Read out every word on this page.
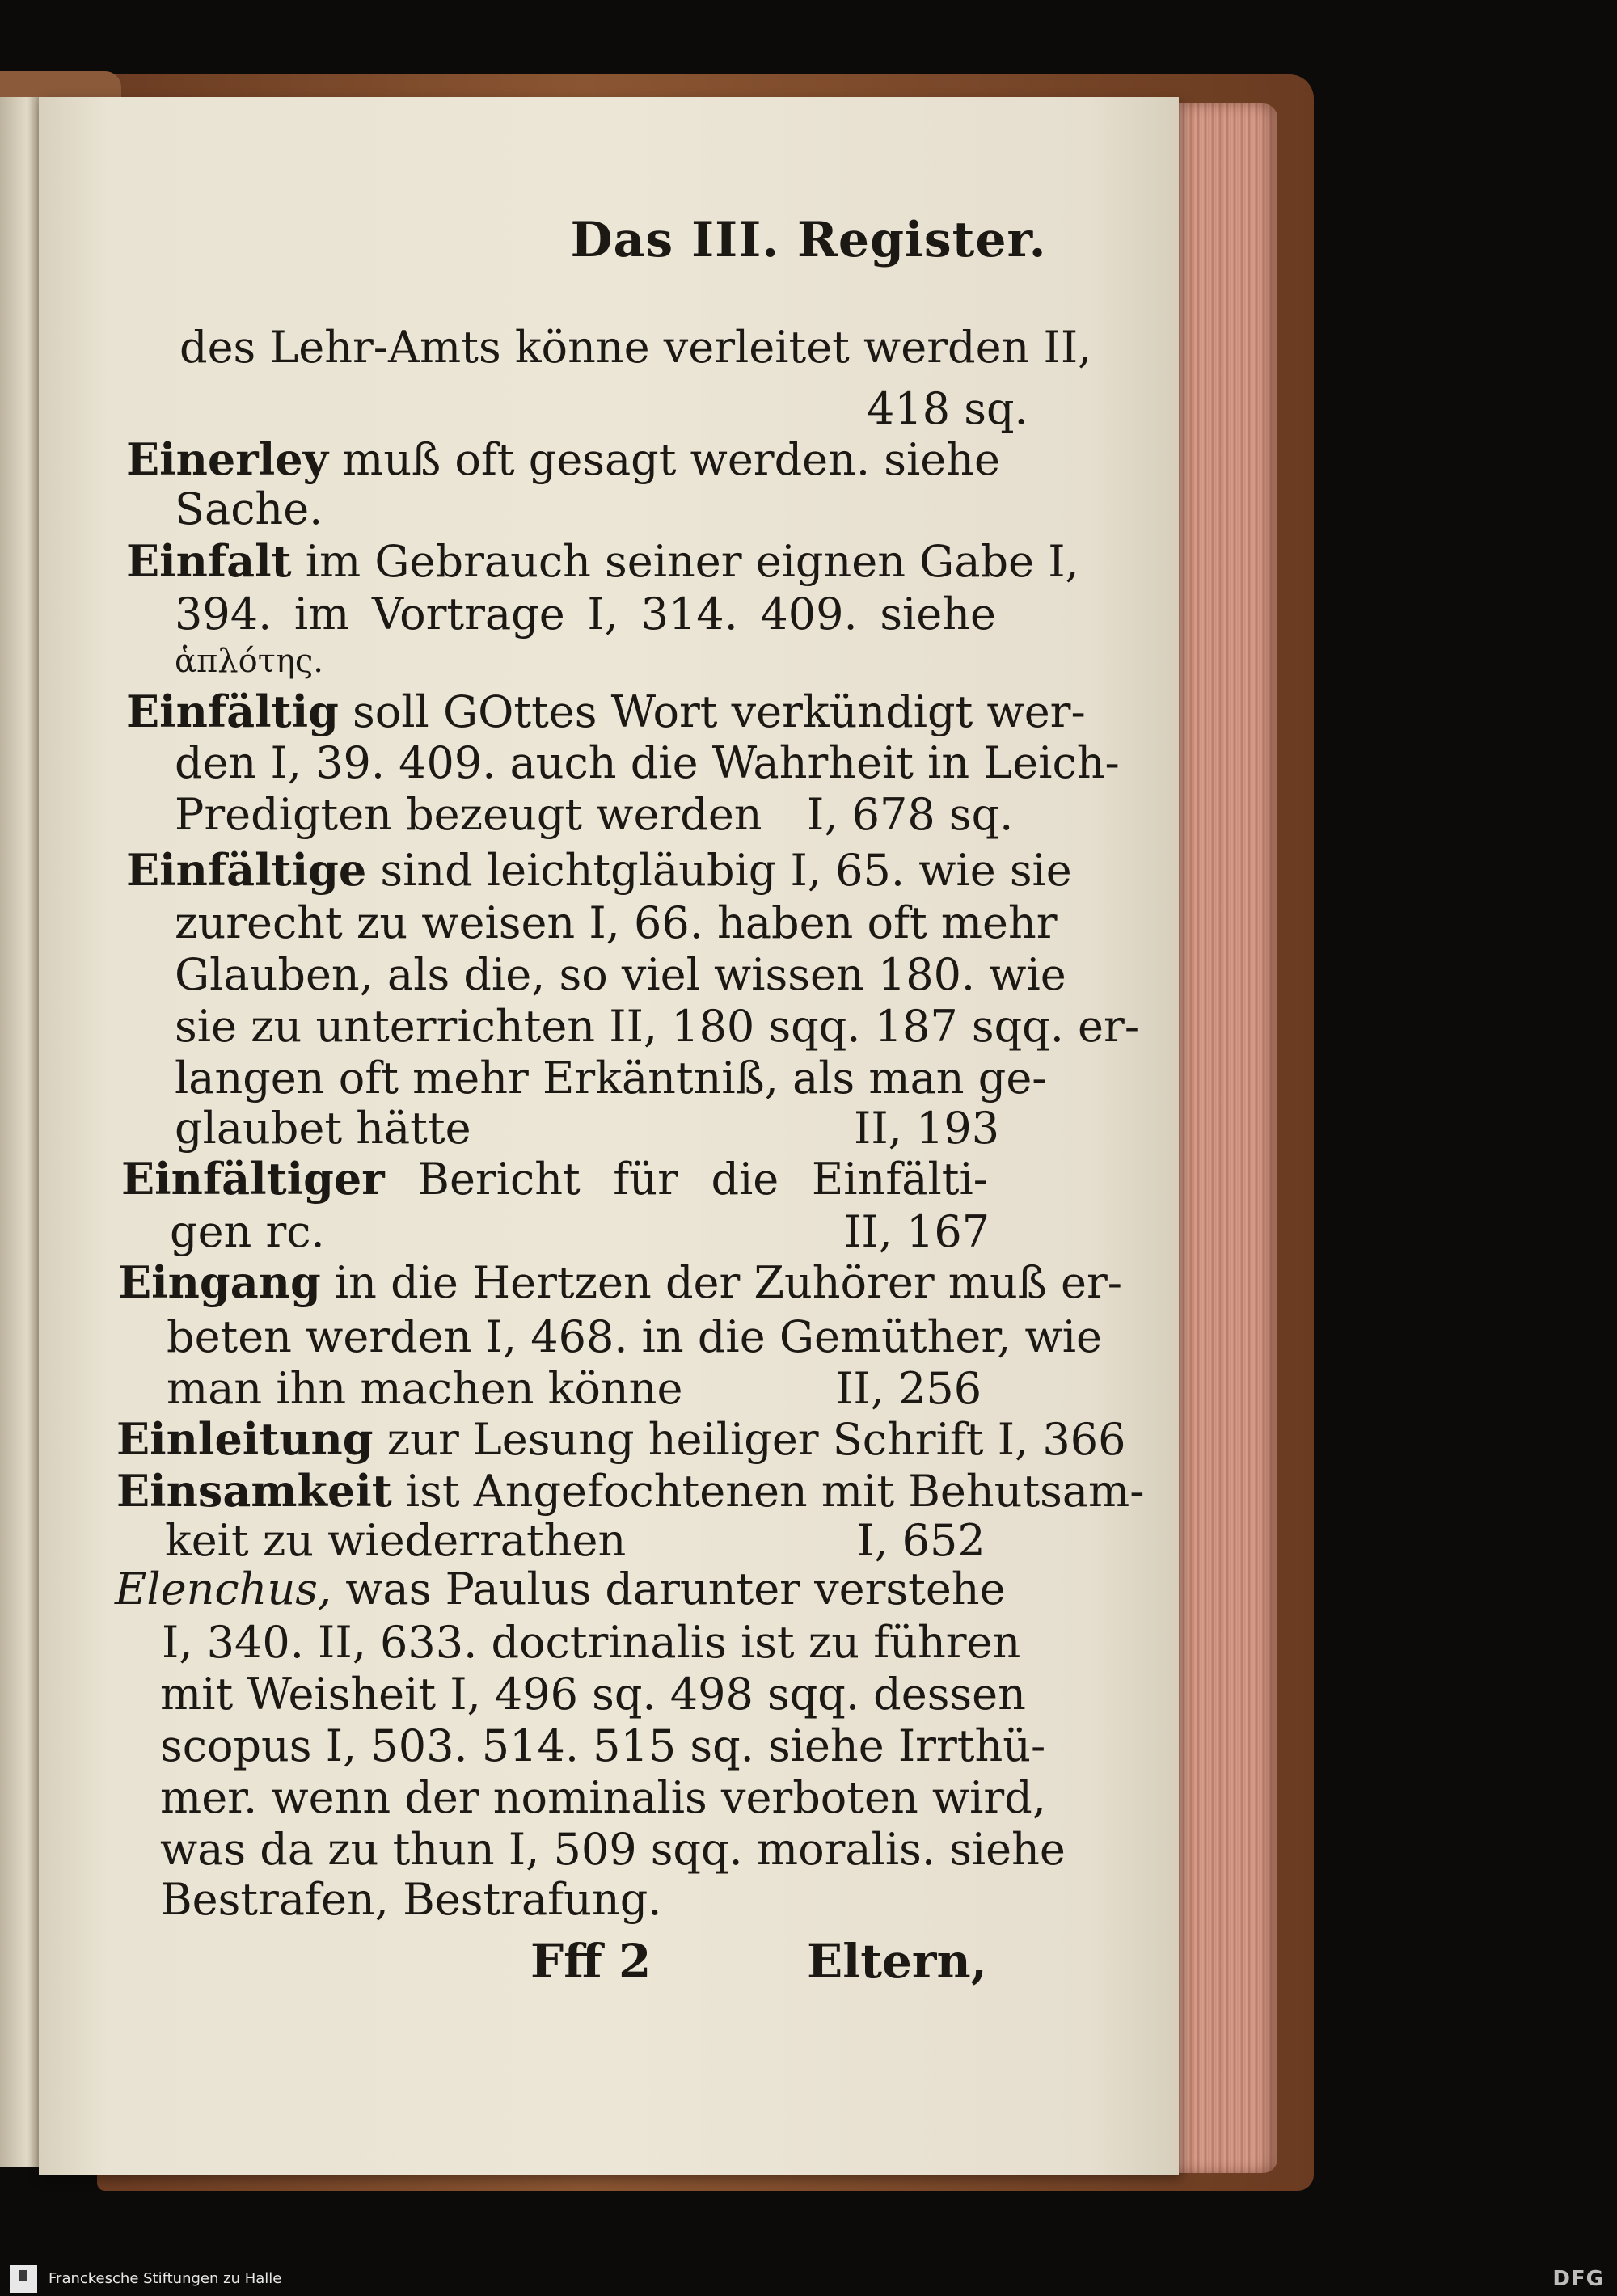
Das III. Register.
des Lehr-Amts könne verleitet werden II,
418 sq.
Einerley muß oft gesagt werden. siehe
Sache.
Einfalt im Gebrauch seiner eignen Gabe I,
394. im Vortrage I, 314. 409. siehe
ἁπλότης.
Einfältig soll GOttes Wort verkündigt wer-
den I, 39. 409. auch die Wahrheit in Leich-
Predigten bezeugt werden I, 678 sq.
Einfältige sind leichtgläubig I, 65. wie sie
zurecht zu weisen I, 66. haben oft mehr
Glauben, als die, so viel wissen 180. wie
sie zu unterrichten II, 180 sqq. 187 sqq. er-
langen oft mehr Erkäntniß, als man ge-
glaubet hätte	II, 193
Einfältiger Bericht für die Einfälti-
gen rc.	II, 167
Eingang in die Hertzen der Zuhörer muß er-
beten werden I, 468. in die Gemüther, wie
man ihn machen könne	II, 256
Einleitung zur Lesung heiliger Schrift I, 366
Einsamkeit ist Angefochtenen mit Behutsam-
keit zu wiederrathen	I, 652
Elenchus, was Paulus darunter verstehe
I, 340. II, 633. doctrinalis ist zu führen
mit Weisheit I, 496 sq. 498 sqq. dessen
scopus I, 503. 514. 515 sq. siehe Irrthü-
mer. wenn der nominalis verboten wird,
was da zu thun I, 509 sqq. moralis. siehe
Bestrafen, Bestrafung.
Fff 2	Eltern,
Franckesche Stiftungen zu Halle	DFG
